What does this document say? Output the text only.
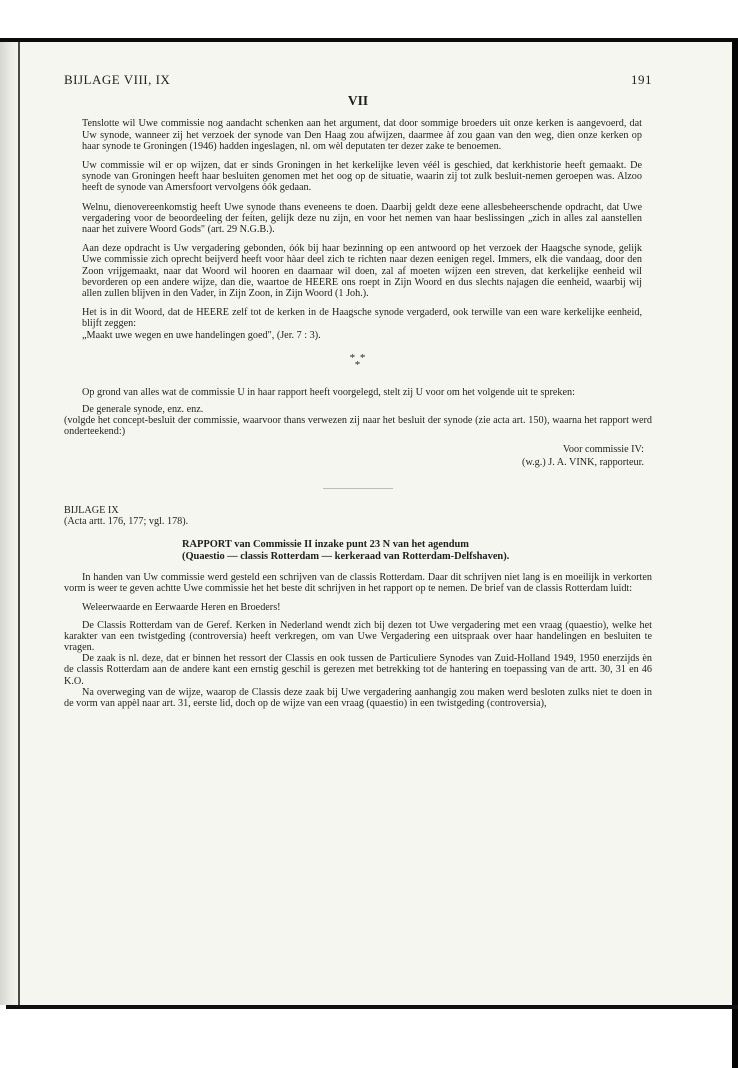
BIJLAGE VIII, IX	191
VII

Tenslotte wil Uwe commissie nog aandacht schenken aan het argument, dat door sommige broeders uit onze kerken is aangevoerd, dat Uw synode, wanneer zij het verzoek der synode van Den Haag zou afwijzen, daarmee àf zou gaan van den weg, dien onze kerken op haar synode te Groningen (1946) hadden ingeslagen, nl. om wèl deputaten ter dezer zake te benoemen.

Uw commissie wil er op wijzen, dat er sinds Groningen in het kerkelijke leven véél is geschied, dat kerkhistorie heeft gemaakt. De synode van Groningen heeft haar besluiten genomen met het oog op de situatie, waarin zij tot zulk besluit-nemen geroepen was. Alzoo heeft de synode van Amersfoort vervolgens óók gedaan.

Welnu, dienovereenkomstig heeft Uwe synode thans eveneens te doen. Daarbij geldt deze eene allesbeheerschende opdracht, dat Uwe vergadering voor de beoordeeling der feiten, gelijk deze nu zijn, en voor het nemen van haar beslissingen „zich in alles zal aanstellen naar het zuivere Woord Gods" (art. 29 N.G.B.).

Aan deze opdracht is Uw vergadering gebonden, óók bij haar bezinning op een antwoord op het verzoek der Haagsche synode, gelijk Uwe commissie zich oprecht beijverd heeft voor hàar deel zich te richten naar dezen eenigen regel. Immers, elk die vandaag, door den Zoon vrijgemaakt, naar dat Woord wil hooren en daarnaar wil doen, zal af moeten wijzen een streven, dat kerkelijke eenheid wil bevorderen op een andere wijze, dan die, waartoe de HEERE ons roept in Zijn Woord en dus slechts najagen die eenheid, waarbij wij allen zullen blijven in den Vader, in Zijn Zoon, in Zijn Woord (1 Joh.).

Het is in dit Woord, dat de HEERE zelf tot de kerken in de Haagsche synode vergaderd, ook terwille van een ware kerkelijke eenheid, blijft zeggen:
„Maakt uwe wegen en uwe handelingen goed", (Jer. 7 : 3).

* *
*

Op grond van alles wat de commissie U in haar rapport heeft voorgelegd, stelt zij U voor om het volgende uit te spreken:

De generale synode, enz. enz.

(volgde het concept-besluit der commissie, waarvoor thans verwezen zij naar het besluit der synode (zie acta art. 150), waarna het rapport werd onderteekend:)

Voor commissie IV:

(w.g.) J. A. VINK, rapporteur.

BIJLAGE IX

(Acta artt. 176, 177; vgl. 178).

RAPPORT van Commissie II inzake punt 23 N van het agendum
(Quaestio — classis Rotterdam — kerkeraad van Rotterdam-Delfshaven).

In handen van Uw commissie werd gesteld een schrijven van de classis Rotterdam. Daar dit schrijven niet lang is en moeilijk in verkorten vorm is weer te geven achtte Uwe commissie het het beste dit schrijven in het rapport op te nemen. De brief van de classis Rotterdam luidt:

Weleerwaarde en Eerwaarde Heren en Broeders!

De Classis Rotterdam van de Geref. Kerken in Nederland wendt zich bij dezen tot Uwe vergadering met een vraag (quaestio), welke het karakter van een twistgeding (controversia) heeft verkregen, om van Uwe Vergadering een uitspraak over haar handelingen en besluiten te vragen.

De zaak is nl. deze, dat er binnen het ressort der Classis en ook tussen de Particuliere Synodes van Zuid-Holland 1949, 1950 enerzijds èn de classis Rotterdam aan de andere kant een ernstig geschil is gerezen met betrekking tot de hantering en toepassing van de artt. 30, 31 en 46 K.O.

Na overweging van de wijze, waarop de Classis deze zaak bij Uwe vergadering aanhangig zou maken werd besloten zulks niet te doen in de vorm van appèl naar art. 31, eerste lid, doch op de wijze van een vraag (quaestio) in een twistgeding (controversia),
